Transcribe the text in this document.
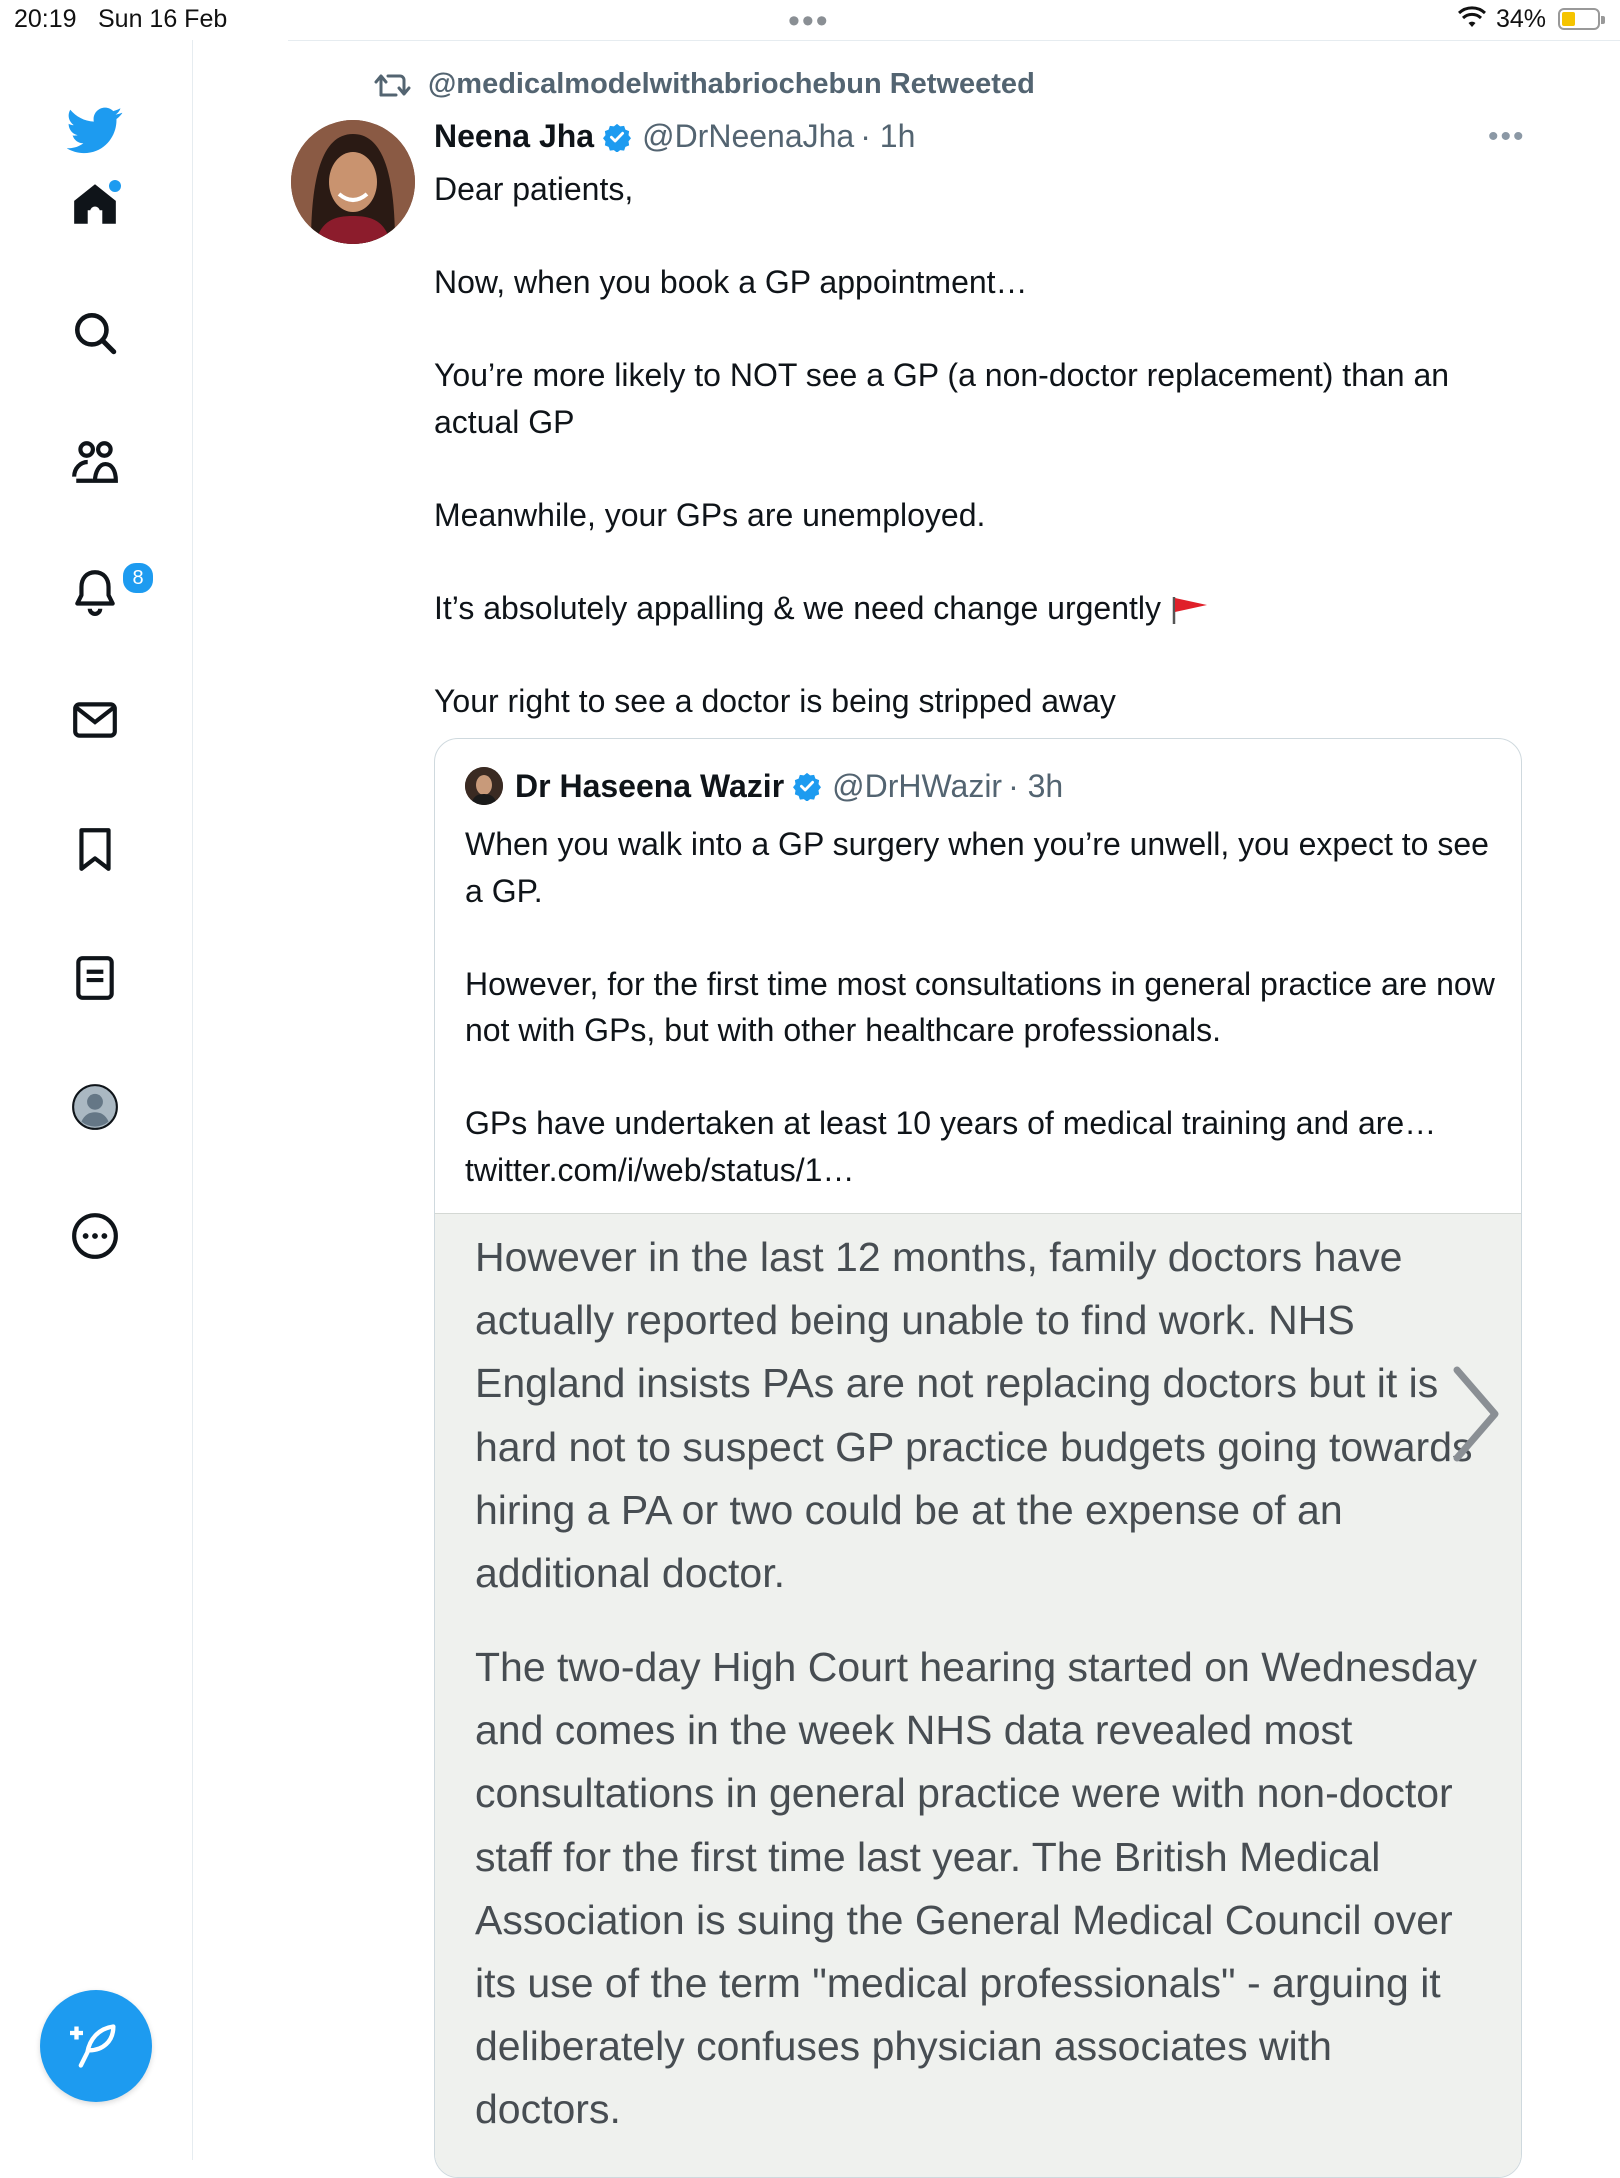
20:19 Sun 16 Feb	•••	34%
8
@medicalmodelwithabriochebun Retweeted
Neena Jha @DrNeenaJha · 1h	•••

Dear patients,

Now, when you book a GP appointment…

You’re more likely to NOT see a GP (a non-doctor replacement) than an actual GP

Meanwhile, your GPs are unemployed.

It’s absolutely appalling & we need change urgently

Your right to see a doctor is being stripped away

Dr Haseena Wazir @DrHWazir · 3h

When you walk into a GP surgery when you’re unwell, you expect to see a GP.

However, for the first time most consultations in general practice are now not with GPs, but with other healthcare professionals.

GPs have undertaken at least 10 years of medical training and are… twitter.com/i/web/status/1…

However in the last 12 months, family doctors have actually reported being unable to find work. NHS England insists PAs are not replacing doctors but it is hard not to suspect GP practice budgets going towards hiring a PA or two could be at the expense of an additional doctor.
The two-day High Court hearing started on Wednesday and comes in the week NHS data revealed most consultations in general practice were with non-doctor staff for the first time last year. The British Medical Association is suing the General Medical Council over its use of the term "medical professionals" - arguing it deliberately confuses physician associates with doctors.
